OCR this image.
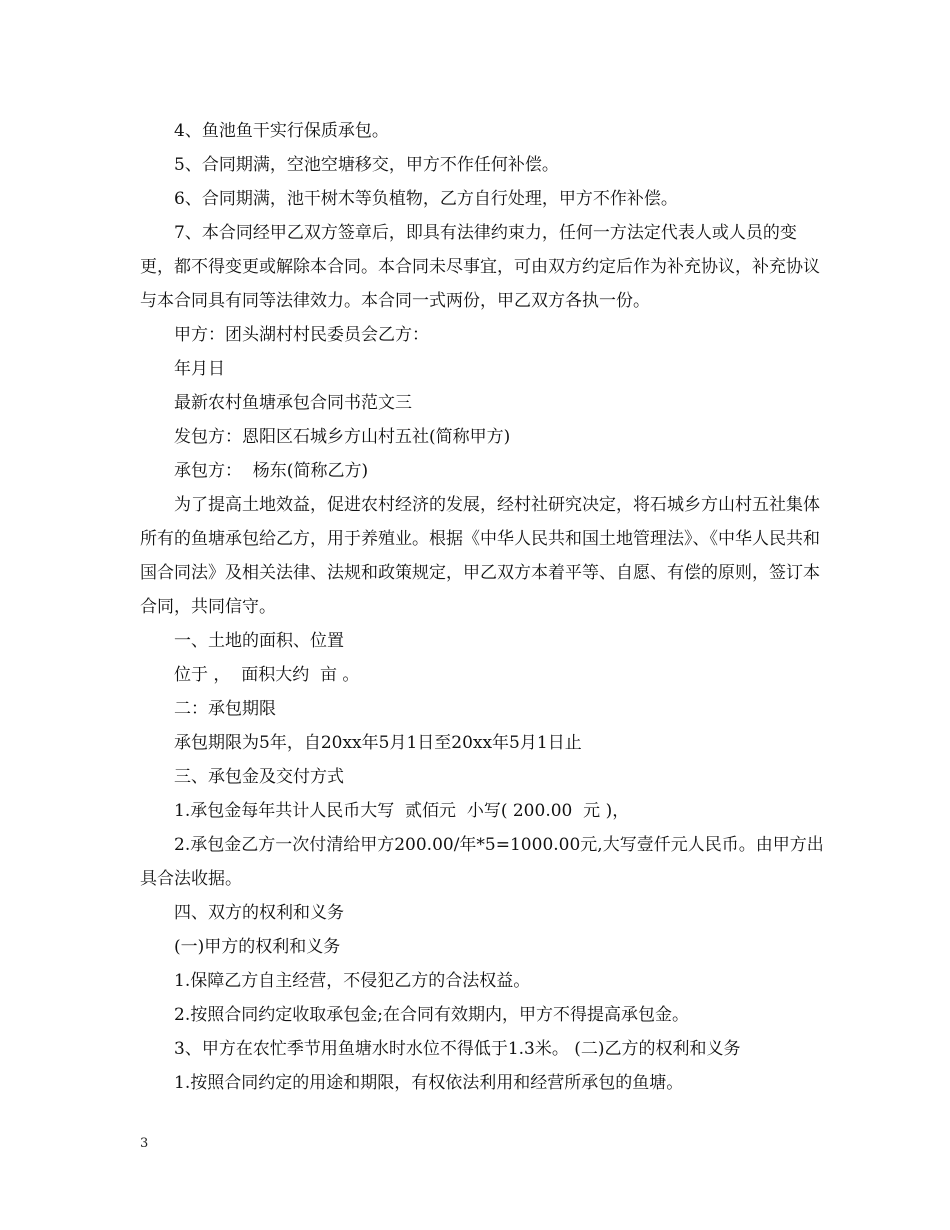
4、鱼池鱼干实行保质承包。

5、合同期满，空池空塘移交，甲方不作任何补偿。

6、合同期满，池干树木等负植物，乙方自行处理，甲方不作补偿。

7、本合同经甲乙双方签章后，即具有法律约束力，任何一方法定代表人或人员的变更，都不得变更或解除本合同。本合同未尽事宜，可由双方约定后作为补充协议，补充协议与本合同具有同等法律效力。本合同一式两份，甲乙双方各执一份。

甲方：团头湖村村民委员会乙方：

年月日

最新农村鱼塘承包合同书范文三

发包方：恩阳区石城乡方山村五社(简称甲方)

承包方：  杨东(简称乙方)

为了提高土地效益，促进农村经济的发展，经村社研究决定，将石城乡方山村五社集体所有的鱼塘承包给乙方，用于养殖业。根据《中华人民共和国土地管理法》、《中华人民共和国合同法》及相关法律、法规和政策规定，甲乙双方本着平等、自愿、有偿的原则，签订本合同，共同信守。

一、土地的面积、位置

位于 ，  面积大约  亩 。

二：承包期限

承包期限为5年，自20xx年5月1日至20xx年5月1日止

三、承包金及交付方式

1.承包金每年共计人民币大写  贰佰元  小写( 200.00  元 )，

2.承包金乙方一次付清给甲方200.00/年*5=1000.00元,大写壹仟元人民币。由甲方出具合法收据。

四、双方的权利和义务

(一)甲方的权利和义务

1.保障乙方自主经营，不侵犯乙方的合法权益。

2.按照合同约定收取承包金;在合同有效期内，甲方不得提高承包金。

3、甲方在农忙季节用鱼塘水时水位不得低于1.3米。 (二)乙方的权利和义务

1.按照合同约定的用途和期限，有权依法利用和经营所承包的鱼塘。

3
